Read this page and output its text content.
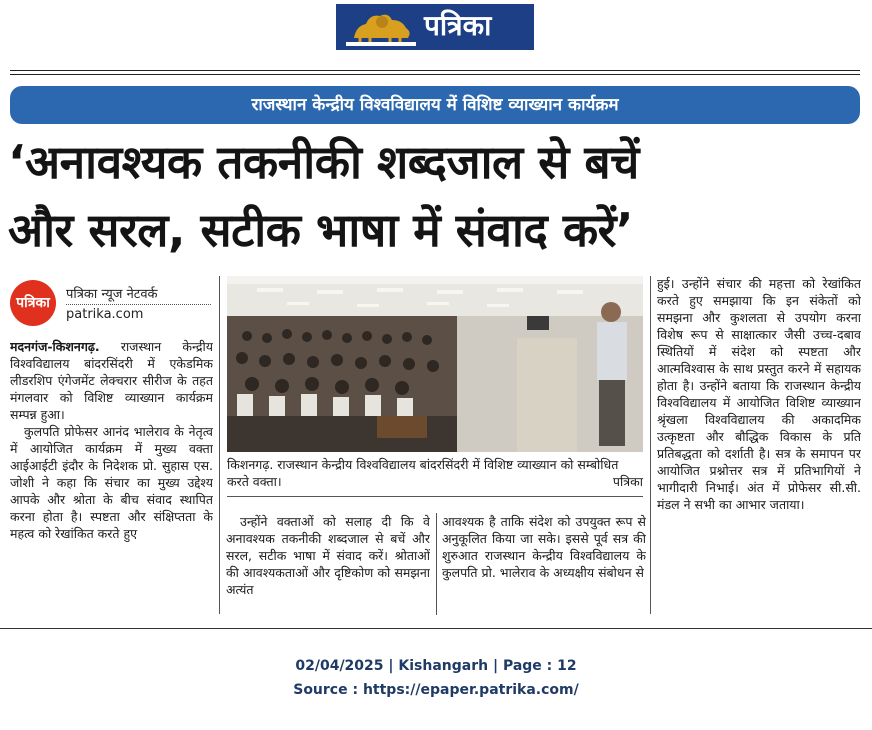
पत्रिका
राजस्थान केन्द्रीय विश्वविद्यालय में विशिष्ट व्याख्यान कार्यक्रम
‘अनावश्यक तकनीकी शब्दजाल से बचें
और सरल, सटीक भाषा में संवाद करें’
पत्रिका
पत्रिका न्यूज नेटवर्क
patrika.com

मदनगंज-किशनगढ़. राजस्थान केन्द्रीय विश्वविद्यालय बांदरसिंदरी में एकेडमिक लीडरशिप एंगेजमेंट लेक्चरार सीरीज के तहत मंगलवार को विशिष्ट व्याख्यान कार्यक्रम सम्पन्न हुआ।

कुलपति प्रोफेसर आनंद भालेराव के नेतृत्व में आयोजित कार्यक्रम में मुख्य वक्ता आईआईटी इंदौर के निदेशक प्रो. सुहास एस. जोशी ने कहा कि संचार का मुख्य उद्देश्य आपके और श्रोता के बीच संवाद स्थापित करना होता है। स्पष्टता और संक्षिप्तता के महत्व को रेखांकित करते हुए

किशनगढ़. राजस्थान केन्द्रीय विश्वविद्यालय बांदरसिंदरी में विशिष्ट व्याख्यान को सम्बोधित करते वक्ता।	पत्रिका

उन्होंने वक्ताओं को सलाह दी कि वे अनावश्यक तकनीकी शब्दजाल से बचें और सरल, सटीक भाषा में संवाद करें। श्रोताओं की आवश्यकताओं और दृष्टिकोण को समझना अत्यंत

आवश्यक है ताकि संदेश को उपयुक्त रूप से अनुकूलित किया जा सके। इससे पूर्व सत्र की शुरुआत राजस्थान केन्द्रीय विश्वविद्यालय के कुलपति प्रो. भालेराव के अध्यक्षीय संबोधन से

हुई। उन्होंने संचार की महत्ता को रेखांकित करते हुए समझाया कि इन संकेतों को समझना और कुशलता से उपयोग करना विशेष रूप से साक्षात्कार जैसी उच्च-दबाव स्थितियों में संदेश को स्पष्टता और आत्मविश्वास के साथ प्रस्तुत करने में सहायक होता है। उन्होंने बताया कि राजस्थान केन्द्रीय विश्वविद्यालय में आयोजित विशिष्ट व्याख्यान श्रृंखला विश्वविद्यालय की अकादमिक उत्कृष्टता और बौद्धिक विकास के प्रति प्रतिबद्धता को दर्शाती है। सत्र के समापन पर आयोजित प्रश्नोत्तर सत्र में प्रतिभागियों ने भागीदारी निभाई। अंत में प्रोफेसर सी.सी. मंडल ने सभी का आभार जताया।

02/04/2025 | Kishangarh | Page : 12
Source : https://epaper.patrika.com/
